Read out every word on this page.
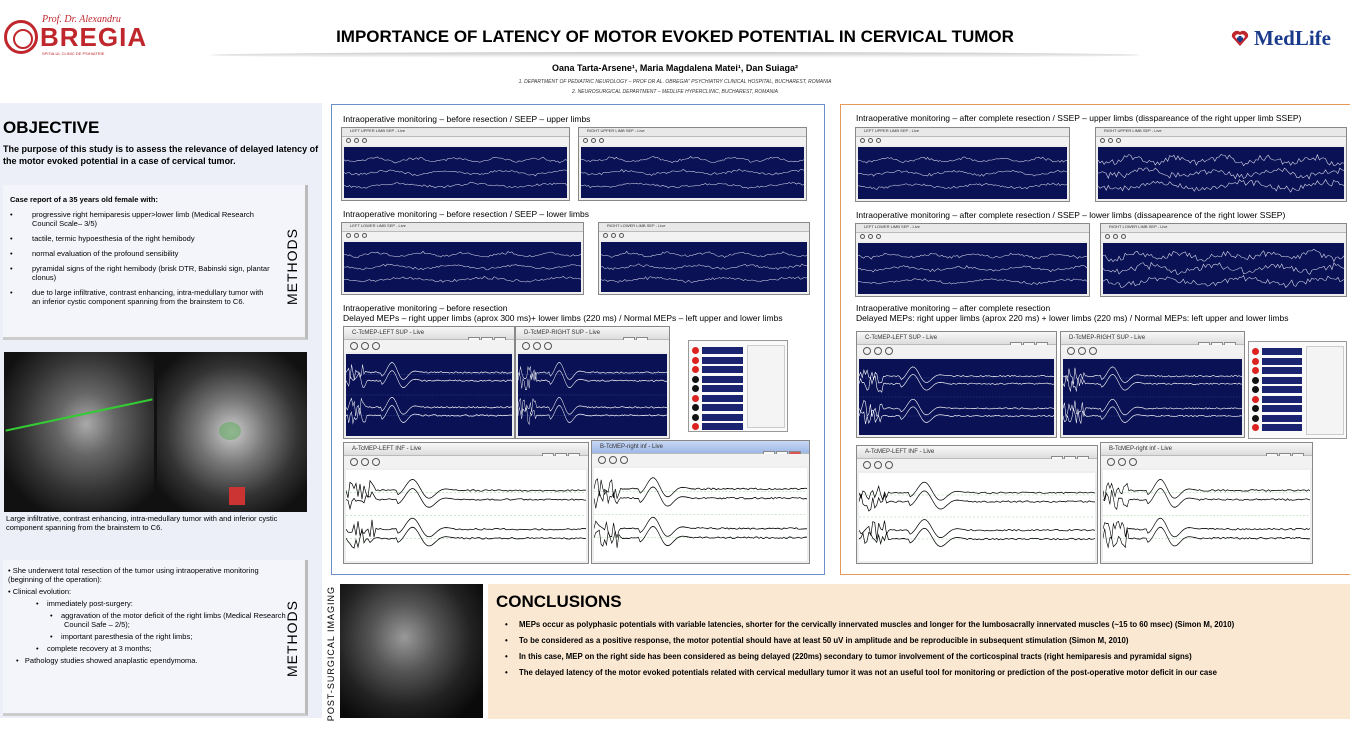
Prof. Dr. Alexandru
BREGIA
SPITALUL CLINIC DE PSIHIATRIE
IMPORTANCE OF LATENCY OF MOTOR EVOKED POTENTIAL IN CERVICAL TUMOR	MedLife
Oana Tarta-Arsene¹, Maria Magdalena Matei¹, Dan Suiaga²
1. DEPARTMENT OF PEDIATRIC NEUROLOGY – PROF DR AL. OBREGIA" PSYCHIATRY CLINICAL HOSPITAL, BUCHAREST, ROMANIA
2. NEUROSURGICAL DEPARTMENT – MEDLIFE HYPERCLINIC, BUCHAREST, ROMANIA
OBJECTIVE
The purpose of this study is to assess the relevance of delayed latency of the motor evoked potential in a case of cervical tumor.
Case report of a 35 years old female with:
• progressive right hemiparesis upper>lower limb (Medical Research Council Scale– 3/5)
• tactile, termic hypoesthesia of the right hemibody
• normal evaluation of the profound sensibility
• pyramidal signs of the right hemibody (brisk DTR, Babinski sign, plantar clonus)
• due to large infiltrative, contrast enhancing, intra-medullary tumor with an inferior cystic component spanning from the brainstem to C6.	METHODS
Large infiltrative, contrast enhancing, intra-medullary tumor with and inferior cystic component spanning from the brainstem to C6.
• She underwent total resection of the tumor using intraoperative monitoring (beginning of the operation):
• Clinical evolution:
•    immediately post-surgery:
•    aggravation of the motor deficit of the right limbs (Medical Research Council Safe – 2/5);
•    important paresthesia of the right limbs;
•    complete recovery at 3 months;
•   Pathology studies showed anaplastic ependymoma.	METHODS
Intraoperative monitoring – before resection / SEEP – upper limbs
LEFT UPPER LIMB SEP - Live	RIGHT UPPER LIMB SEP - Live
Intraoperative monitoring – before resection / SEEP – lower limbs
LEFT LOWER LIMB SEP - Live	RIGHT LOWER LIMB SEP - Live
Intraoperative monitoring – before resection
Delayed MEPs – right upper limbs (aprox 300 ms)+ lower limbs (220 ms) / Normal MEPs – left upper and lower limbs
C-TcMEP-LEFT SUP - Live	D-TcMEP-RIGHT SUP - Live
A-TcMEP-LEFT INF - Live	B-TcMEP-right inf - Live
Intraoperative monitoring – after complete resection / SSEP – upper limbs (disspareance of the right upper limb SSEP)
LEFT UPPER LIMB SEP - Live	RIGHT UPPER LIMB SEP - Live
Intraoperative monitoring – after complete resection / SSEP – lower limbs (dissapearence of the right lower SSEP)
LEFT LOWER LIMB SEP - Live	RIGHT LOWER LIMB SEP - Live
Intraoperative monitoring – after complete resection
Delayed MEPs: right upper limbs (aprox 220 ms) + lower limbs (220 ms) / Normal MEPs: left upper and lower limbs
C-TcMEP-LEFT SUP - Live	D-TcMEP-RIGHT SUP - Live
A-TcMEP-LEFT INF - Live	B-TcMEP-right inf - Live
POST-SURGICAL IMAGING	CONCLUSIONS
• MEPs occur as polyphasic potentials with variable latencies, shorter for the cervically innervated muscles and longer for the lumbosacrally innervated muscles (~15 to 60 msec) (Simon M, 2010)
• To be considered as a positive response, the motor potential should have at least 50 uV in amplitude and be reproducible in subsequent stimulation (Simon M, 2010)
• In this case, MEP on the right side has been considered as being delayed (220ms) secondary to tumor involvement of the corticospinal tracts (right hemiparesis and pyramidal signs)
• The delayed latency of the motor evoked potentials related with cervical medullary tumor it was not an useful tool for monitoring or prediction of the post-operative motor deficit in our case
